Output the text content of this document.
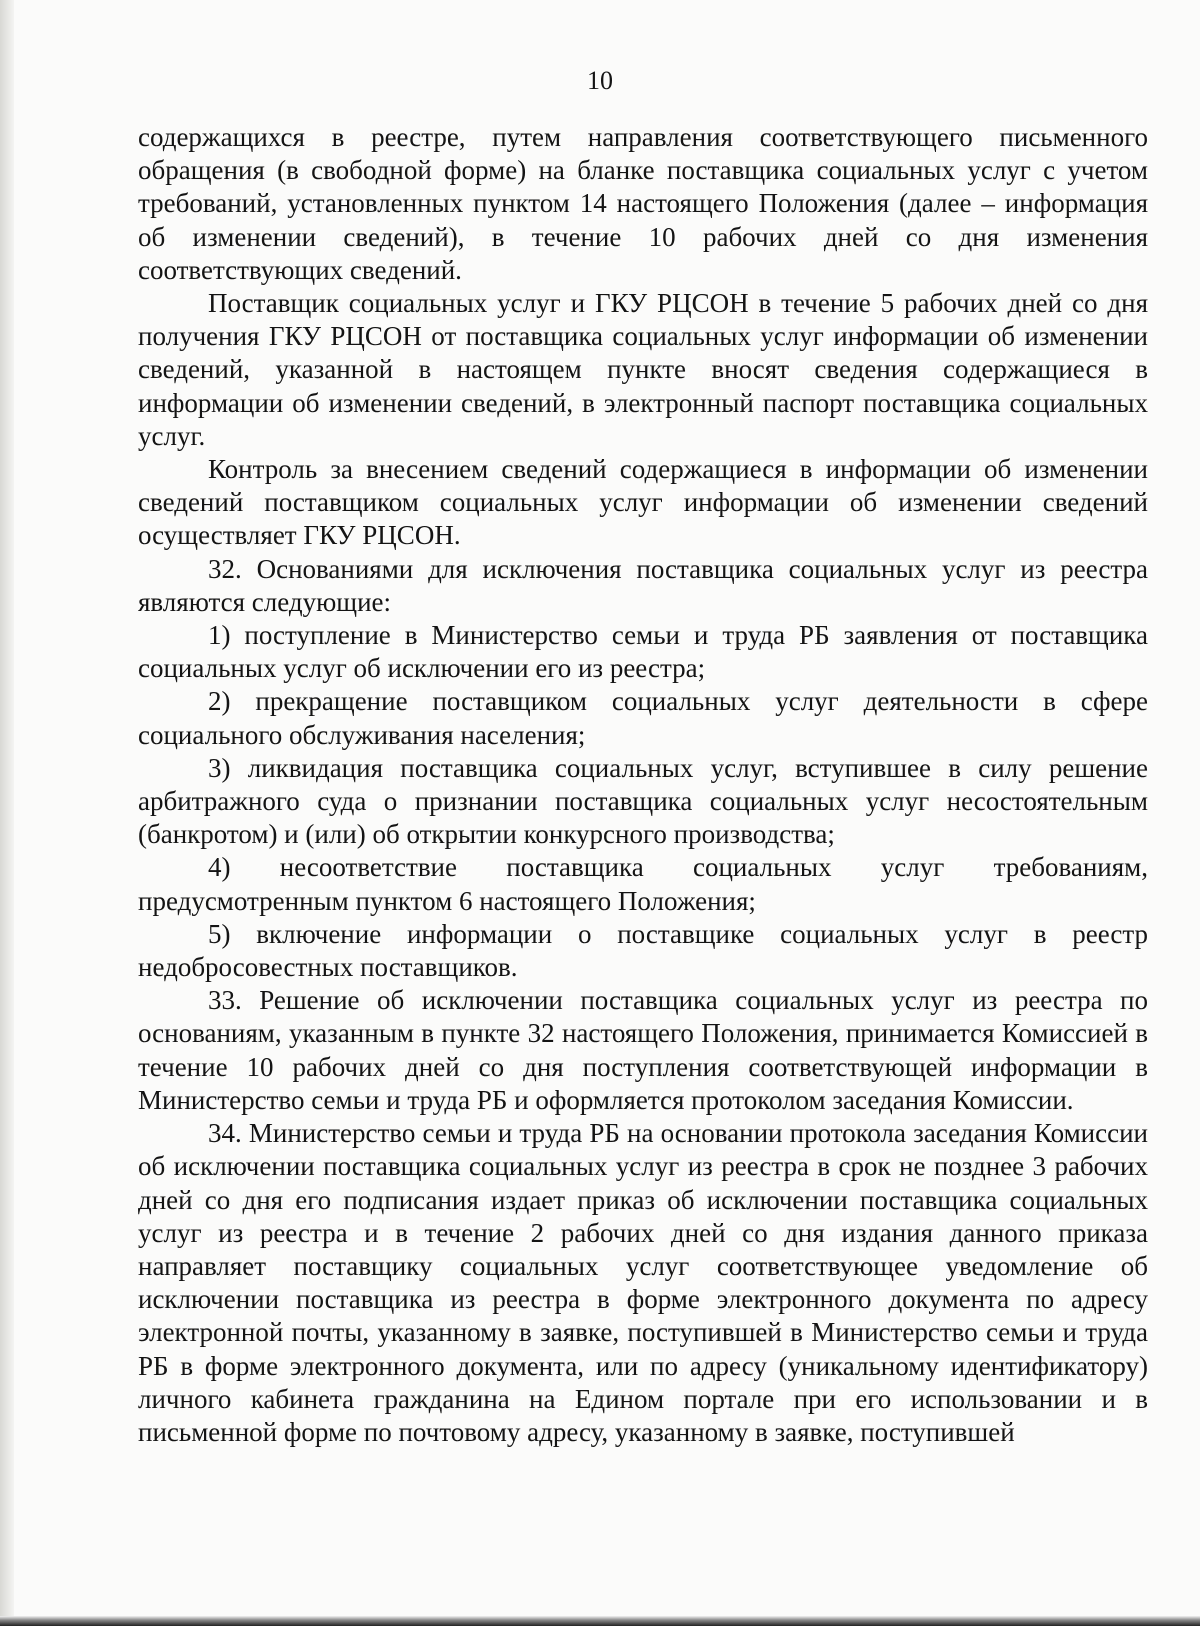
10

содержащихся в реестре, путем направления соответствующего письменного обращения (в свободной форме) на бланке поставщика социальных услуг с учетом требований, установленных пунктом 14 настоящего Положения (далее – информация об изменении сведений), в течение 10 рабочих дней со дня изменения соответствующих сведений.

Поставщик социальных услуг и ГКУ РЦСОН в течение 5 рабочих дней со дня получения ГКУ РЦСОН от поставщика социальных услуг информации об изменении сведений, указанной в настоящем пункте вносят сведения содержащиеся в информации об изменении сведений, в электронный паспорт поставщика социальных услуг.

Контроль за внесением сведений содержащиеся в информации об изменении сведений поставщиком социальных услуг информации об изменении сведений осуществляет ГКУ РЦСОН.

32. Основаниями для исключения поставщика социальных услуг из реестра являются следующие:

1) поступление в Министерство семьи и труда РБ заявления от поставщика социальных услуг об исключении его из реестра;

2) прекращение поставщиком социальных услуг деятельности в сфере социального обслуживания населения;

3) ликвидация поставщика социальных услуг, вступившее в силу решение арбитражного суда о признании поставщика социальных услуг несостоятельным (банкротом) и (или) об открытии конкурсного производства;

4) несоответствие поставщика социальных услуг требованиям, предусмотренным пунктом 6 настоящего Положения;

5) включение информации о поставщике социальных услуг в реестр недобросовестных поставщиков.

33. Решение об исключении поставщика социальных услуг из реестра по основаниям, указанным в пункте 32 настоящего Положения, принимается Комиссией в течение 10 рабочих дней со дня поступления соответствующей информации в Министерство семьи и труда РБ и оформляется протоколом заседания Комиссии.

34. Министерство семьи и труда РБ на основании протокола заседания Комиссии об исключении поставщика социальных услуг из реестра в срок не позднее 3 рабочих дней со дня его подписания издает приказ об исключении поставщика социальных услуг из реестра и в течение 2 рабочих дней со дня издания данного приказа направляет поставщику социальных услуг соответствующее уведомление об исключении поставщика из реестра в форме электронного документа по адресу электронной почты, указанному в заявке, поступившей в Министерство семьи и труда РБ в форме электронного документа, или по адресу (уникальному идентификатору) личного кабинета гражданина на Едином портале при его использовании и в письменной форме по почтовому адресу, указанному в заявке, поступившей
